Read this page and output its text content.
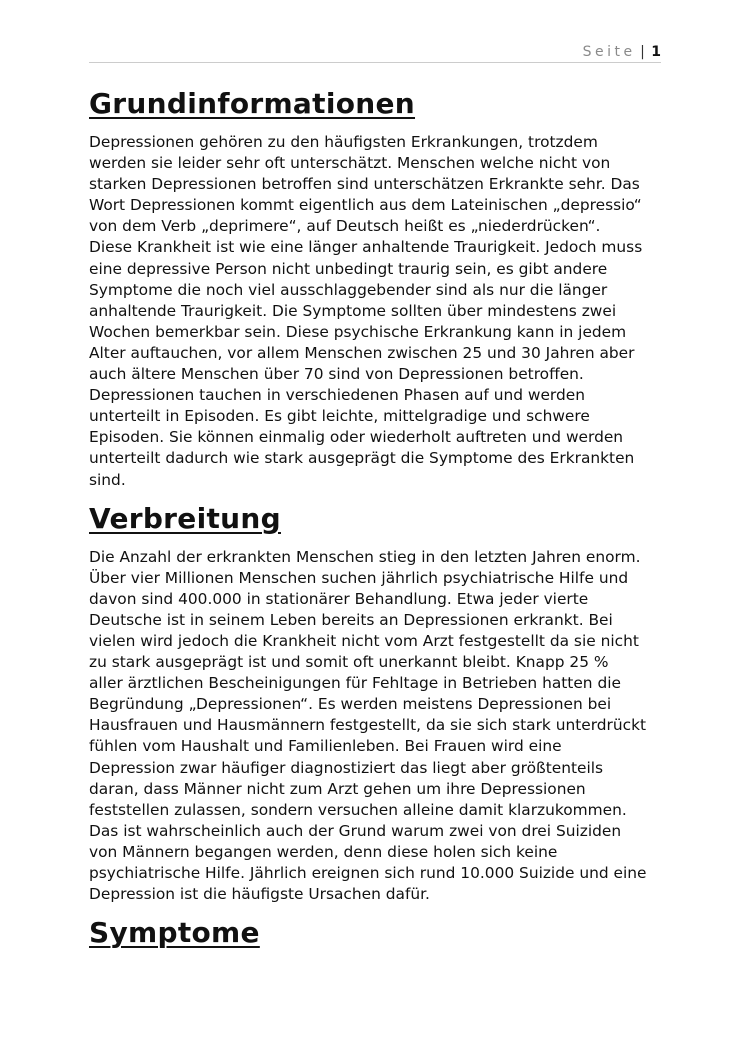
Seite | 1
Grundinformationen
Depressionen gehören zu den häufigsten Erkrankungen, trotzdem
werden sie leider sehr oft unterschätzt. Menschen welche nicht von
starken Depressionen betroffen sind unterschätzen Erkrankte sehr. Das
Wort Depressionen kommt eigentlich aus dem Lateinischen „depressio“
von dem Verb „deprimere“, auf Deutsch heißt es „niederdrücken“.
Diese Krankheit ist wie eine länger anhaltende Traurigkeit. Jedoch muss
eine depressive Person nicht unbedingt traurig sein, es gibt andere
Symptome die noch viel ausschlaggebender sind als nur die länger
anhaltende Traurigkeit. Die Symptome sollten über mindestens zwei
Wochen bemerkbar sein. Diese psychische Erkrankung kann in jedem
Alter auftauchen, vor allem Menschen zwischen 25 und 30 Jahren aber
auch ältere Menschen über 70 sind von Depressionen betroffen.
Depressionen tauchen in verschiedenen Phasen auf und werden
unterteilt in Episoden. Es gibt leichte, mittelgradige und schwere
Episoden. Sie können einmalig oder wiederholt auftreten und werden
unterteilt dadurch wie stark ausgeprägt die Symptome des Erkrankten
sind.
Verbreitung
Die Anzahl der erkrankten Menschen stieg in den letzten Jahren enorm.
Über vier Millionen Menschen suchen jährlich psychiatrische Hilfe und
davon sind 400.000 in stationärer Behandlung. Etwa jeder vierte
Deutsche ist in seinem Leben bereits an Depressionen erkrankt. Bei
vielen wird jedoch die Krankheit nicht vom Arzt festgestellt da sie nicht
zu stark ausgeprägt ist und somit oft unerkannt bleibt. Knapp 25 %
aller ärztlichen Bescheinigungen für Fehltage in Betrieben hatten die
Begründung „Depressionen“. Es werden meistens Depressionen bei
Hausfrauen und Hausmännern festgestellt, da sie sich stark unterdrückt
fühlen vom Haushalt und Familienleben. Bei Frauen wird eine
Depression zwar häufiger diagnostiziert das liegt aber größtenteils
daran, dass Männer nicht zum Arzt gehen um ihre Depressionen
feststellen zulassen, sondern versuchen alleine damit klarzukommen.
Das ist wahrscheinlich auch der Grund warum zwei von drei Suiziden
von Männern begangen werden, denn diese holen sich keine
psychiatrische Hilfe. Jährlich ereignen sich rund 10.000 Suizide und eine
Depression ist die häufigste Ursachen dafür.
Symptome
